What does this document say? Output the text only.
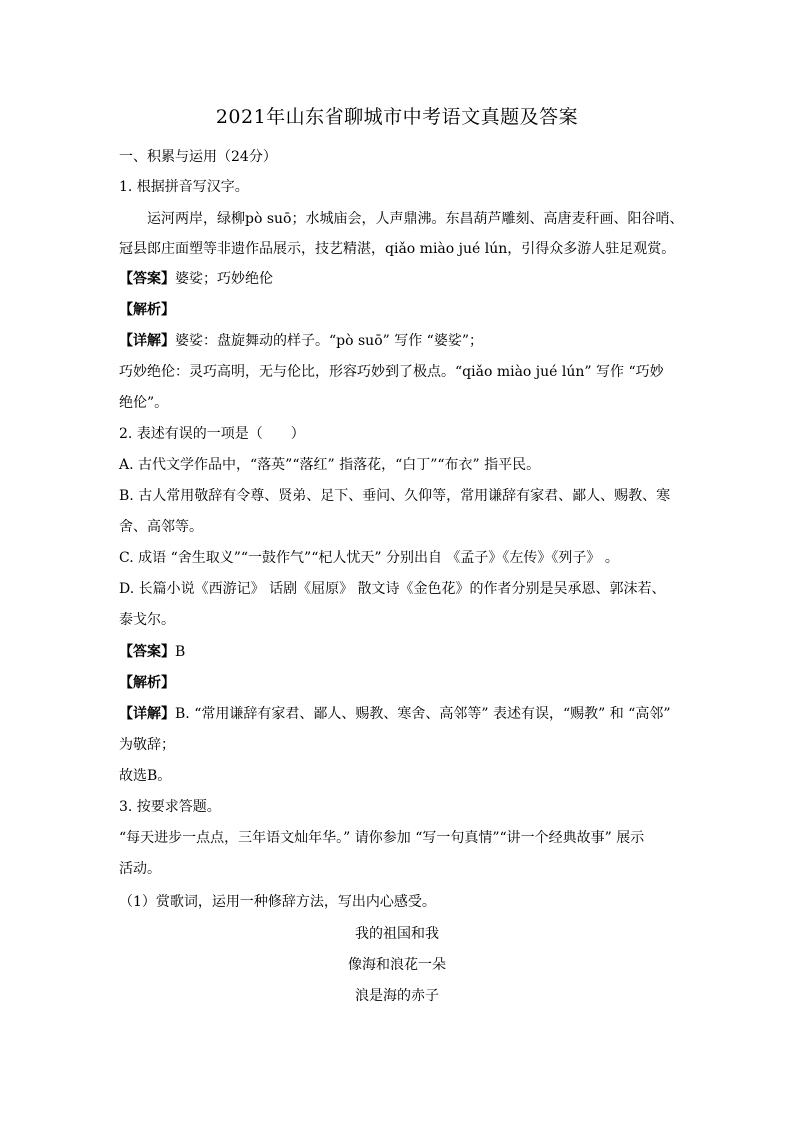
2021年山东省聊城市中考语文真题及答案
一、积累与运用（24分）
1. 根据拼音写汉字。
运河两岸，绿柳pò suō；水城庙会，人声鼎沸。东昌葫芦雕刻、高唐麦秆画、阳谷哨、
冠县郎庄面塑等非遗作品展示，技艺精湛，qiǎo miào jué lún，引得众多游人驻足观赏。
【答案】婆娑；巧妙绝伦
【解析】
【详解】婆娑：盘旋舞动的样子。“pò suō” 写作 “婆娑”；
巧妙绝伦：灵巧高明，无与伦比，形容巧妙到了极点。“qiǎo miào jué lún” 写作 “巧妙
绝伦”。
2. 表述有误的一项是（　　）
A. 古代文学作品中，“落英”“落红” 指落花，“白丁”“布衣” 指平民。
B. 古人常用敬辞有令尊、贤弟、足下、垂问、久仰等，常用谦辞有家君、鄙人、赐教、寒
舍、高邻等。
C. 成语 “舍生取义”“一鼓作气”“杞人忧天” 分别出自 《孟子》《左传》《列子》 。
D. 长篇小说《西游记》 话剧《屈原》 散文诗《金色花》的作者分别是吴承恩、郭沫若、
泰戈尔。
【答案】B
【解析】
【详解】B. “常用谦辞有家君、鄙人、赐教、寒舍、高邻等” 表述有误，“赐教” 和 “高邻”
为敬辞；
故选B。
3. 按要求答题。
“每天进步一点点，三年语文灿年华。” 请你参加 “写一句真情”“讲一个经典故事” 展示
活动。
（1）赏歌词，运用一种修辞方法，写出内心感受。
我的祖国和我
像海和浪花一朵
浪是海的赤子
